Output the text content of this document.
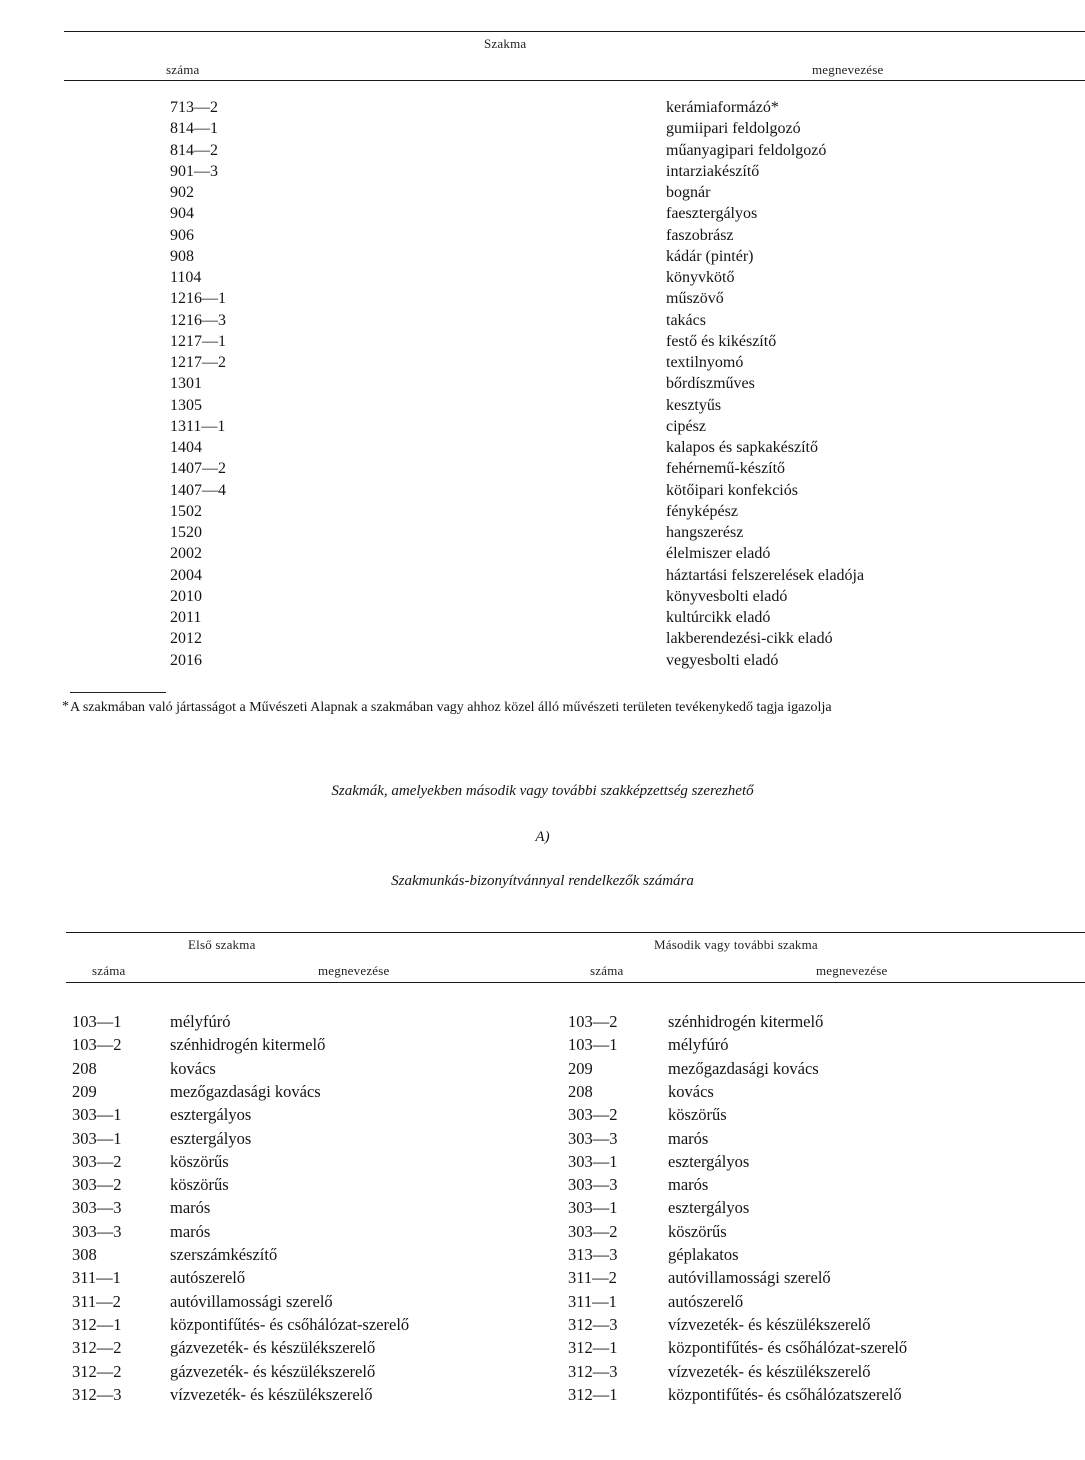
Szakma
száma	megnevezése
713—2	kerámiaformázó*
814—1	gumiipari feldolgozó
814—2	műanyagipari feldolgozó
901—3	intarziakészítő
902	bognár
904	faesztergályos
906	faszobrász
908	kádár (pintér)
1104	könyvkötő
1216—1	műszövő
1216—3	takács
1217—1	festő és kikészítő
1217—2	textilnyomó
1301	bőrdíszműves
1305	kesztyűs
1311—1	cipész
1404	kalapos és sapkakészítő
1407—2	fehérnemű-készítő
1407—4	kötőipari konfekciós
1502	fényképész
1520	hangszerész
2002	élelmiszer eladó
2004	háztartási felszerelések eladója
2010	könyvesbolti eladó
2011	kultúrcikk eladó
2012	lakberendezési-cikk eladó
2016	vegyesbolti eladó
* A szakmában való jártasságot a Művészeti Alapnak a szakmában vagy ahhoz közel álló művészeti területen tevékenykedő tagja igazolja
Szakmák, amelyekben második vagy további szakképzettség szerezhető
A)
Szakmunkás-bizonyítvánnyal rendelkezők számára
Első szakma	Második vagy további szakma
száma	megnevezése	száma	megnevezése
103—1	mélyfúró	103—2	szénhidrogén kitermelő
103—2	szénhidrogén kitermelő	103—1	mélyfúró
208	kovács	209	mezőgazdasági kovács
209	mezőgazdasági kovács	208	kovács
303—1	esztergályos	303—2	köszörűs
303—1	esztergályos	303—3	marós
303—2	köszörűs	303—1	esztergályos
303—2	köszörűs	303—3	marós
303—3	marós	303—1	esztergályos
303—3	marós	303—2	köszörűs
308	szerszámkészítő	313—3	géplakatos
311—1	autószerelő	311—2	autóvillamossági szerelő
311—2	autóvillamossági szerelő	311—1	autószerelő
312—1	központifűtés- és csőhálózat-szerelő	312—3	vízvezeték- és készülékszerelő
312—2	gázvezeték- és készülékszerelő	312—1	központifűtés- és csőhálózat-szerelő
312—2	gázvezeték- és készülékszerelő	312—3	vízvezeték- és készülékszerelő
312—3	vízvezeték- és készülékszerelő	312—1	központifűtés- és csőhálózatszerelő
